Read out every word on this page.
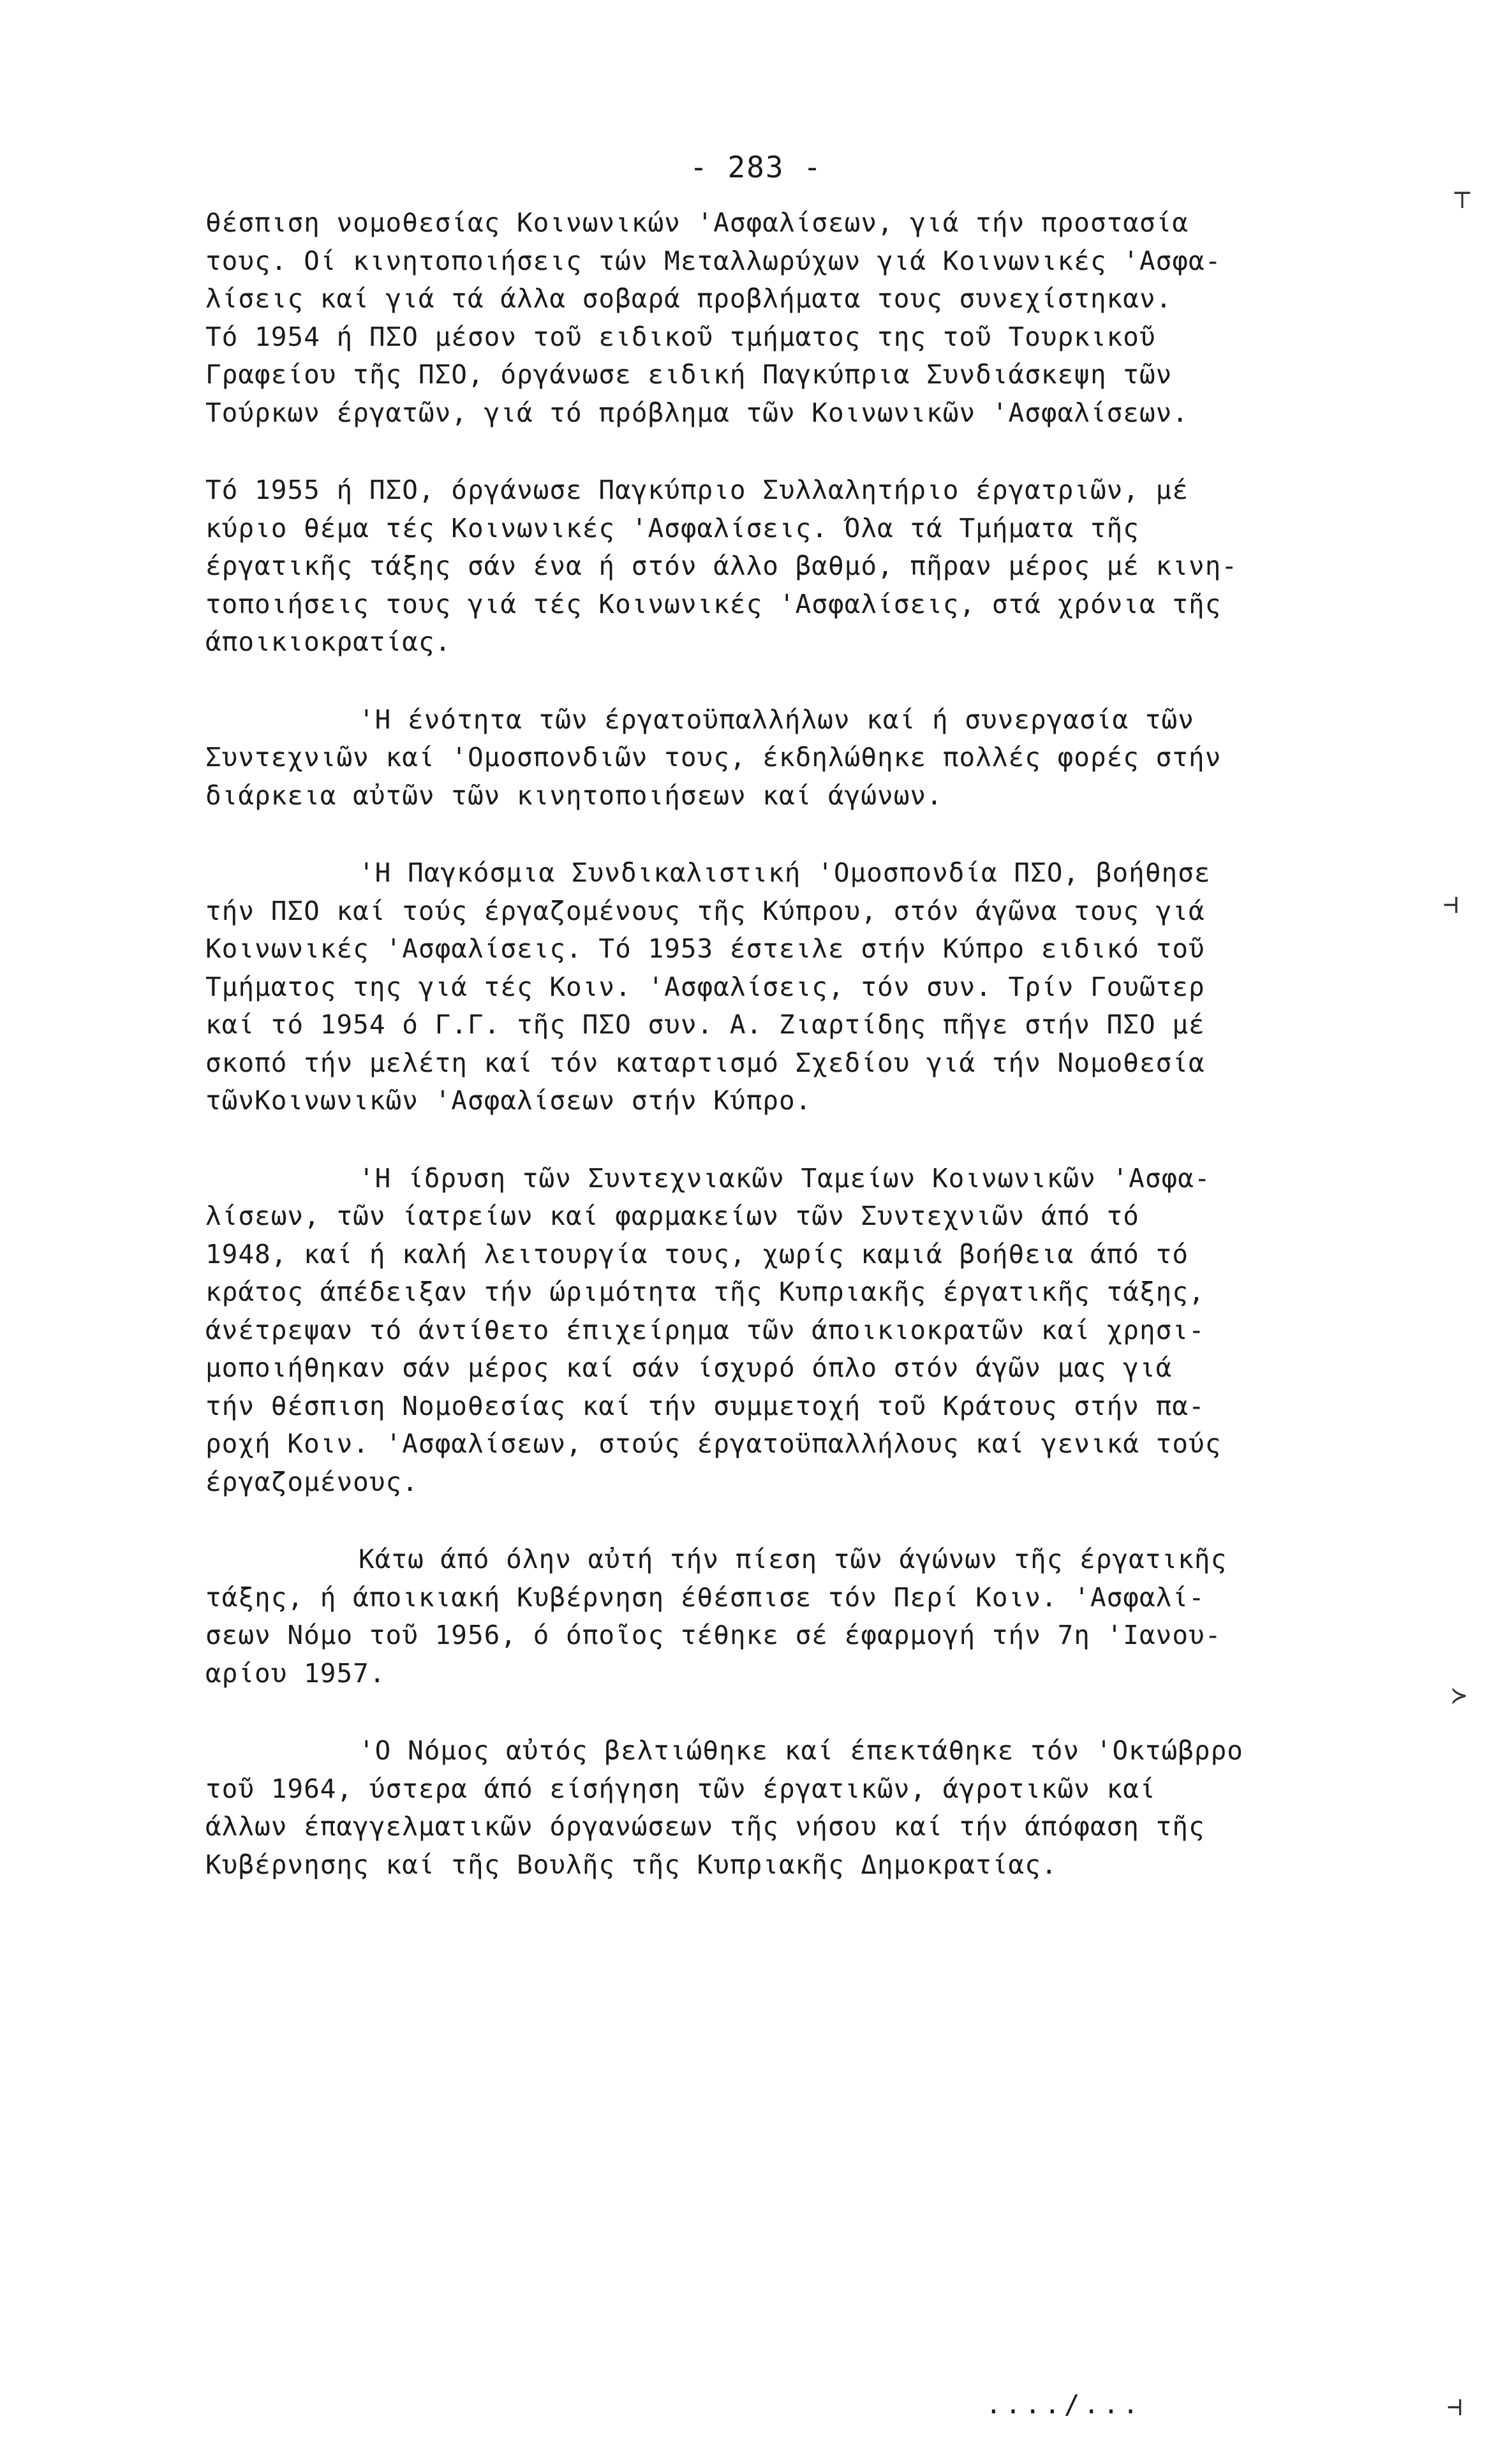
- 283 -
θέσπιση νομοθεσίας Κοινωνικών 'Ασφαλίσεων, γιά τήν προστασία
τους. Οί κινητοποιήσεις τών Μεταλλωρύχων γιά Κοινωνικές 'Ασφα-
λίσεις καί γιά τά άλλα σοβαρά προβλήματα τους συνεχίστηκαν.
Τό 1954 ή ΠΣΟ μέσον τοῦ ειδικοῦ τμήματος της τοῦ Τουρκικοῦ
Γραφείου τῆς ΠΣΟ, όργάνωσε ειδική Παγκύπρια Συνδιάσκεψη τῶν
Τούρκων έργατῶν, γιά τό πρόβλημα τῶν Κοινωνικῶν 'Ασφαλίσεων.
Τό 1955 ή ΠΣΟ, όργάνωσε Παγκύπριο Συλλαλητήριο έργατριῶν, μέ
κύριο θέμα τές Κοινωνικές 'Ασφαλίσεις. Όλα τά Τμήματα τῆς
έργατικῆς τάξης σάν ένα ή στόν άλλο βαθμό, πῆραν μέρος μέ κινη-
τοποιήσεις τους γιά τές Κοινωνικές 'Ασφαλίσεις, στά χρόνια τῆς
άποικιοκρατίας.
'Η ένότητα τῶν έργατοϋπαλλήλων καί ή συνεργασία τῶν
Συντεχνιῶν καί 'Ομοσπονδιῶν τους, έκδηλώθηκε πολλές φορές στήν
διάρκεια αὐτῶν τῶν κινητοποιήσεων καί άγώνων.
'Η Παγκόσμια Συνδικαλιστική 'Ομοσπονδία ΠΣΟ, βοήθησε
τήν ΠΣΟ καί τούς έργαζομένους τῆς Κύπρου, στόν άγῶνα τους γιά
Κοινωνικές 'Ασφαλίσεις. Τό 1953 έστειλε στήν Κύπρο ειδικό τοῦ
Τμήματος της γιά τές Κοιν. 'Ασφαλίσεις, τόν συν. Τρίν Γουῶτερ
καί τό 1954 ό Γ.Γ. τῆς ΠΣΟ συν. Α. Ζιαρτίδης πῆγε στήν ΠΣΟ μέ
σκοπό τήν μελέτη καί τόν καταρτισμό Σχεδίου γιά τήν Νομοθεσία
τῶνΚοινωνικῶν 'Ασφαλίσεων στήν Κύπρο.
'Η ίδρυση τῶν Συντεχνιακῶν Ταμείων Κοινωνικῶν 'Ασφα-
λίσεων, τῶν ίατρείων καί φαρμακείων τῶν Συντεχνιῶν άπό τό
1948, καί ή καλή λειτουργία τους, χωρίς καμιά βοήθεια άπό τό
κράτος άπέδειξαν τήν ώριμότητα τῆς Κυπριακῆς έργατικῆς τάξης,
άνέτρεψαν τό άντίθετο έπιχείρημα τῶν άποικιοκρατῶν καί χρησι-
μοποιήθηκαν σάν μέρος καί σάν ίσχυρό όπλο στόν άγῶν μας γιά
τήν θέσπιση Νομοθεσίας καί τήν συμμετοχή τοῦ Κράτους στήν πα-
ροχή Κοιν. 'Ασφαλίσεων, στούς έργατοϋπαλλήλους καί γενικά τούς
έργαζομένους.
Κάτω άπό όλην αὐτή τήν πίεση τῶν άγώνων τῆς έργατικῆς
τάξης, ή άποικιακή Κυβέρνηση έθέσπισε τόν Περί Κοιν. 'Ασφαλί-
σεων Νόμο τοῦ 1956, ό όποῖος τέθηκε σέ έφαρμογή τήν 7η 'Ιανου-
αρίου 1957.
'Ο Νόμος αὐτός βελτιώθηκε καί έπεκτάθηκε τόν 'Οκτώβρρο
τοῦ 1964, ύστερα άπό είσήγηση τῶν έργατικῶν, άγροτικῶν καί
άλλων έπαγγελματικῶν όργανώσεων τῆς νήσου καί τήν άπόφαση τῆς
Κυβέρνησης καί τῆς Βουλῆς τῆς Κυπριακῆς Δημοκρατίας.
┬
⊣
≻
⊣
..../...
